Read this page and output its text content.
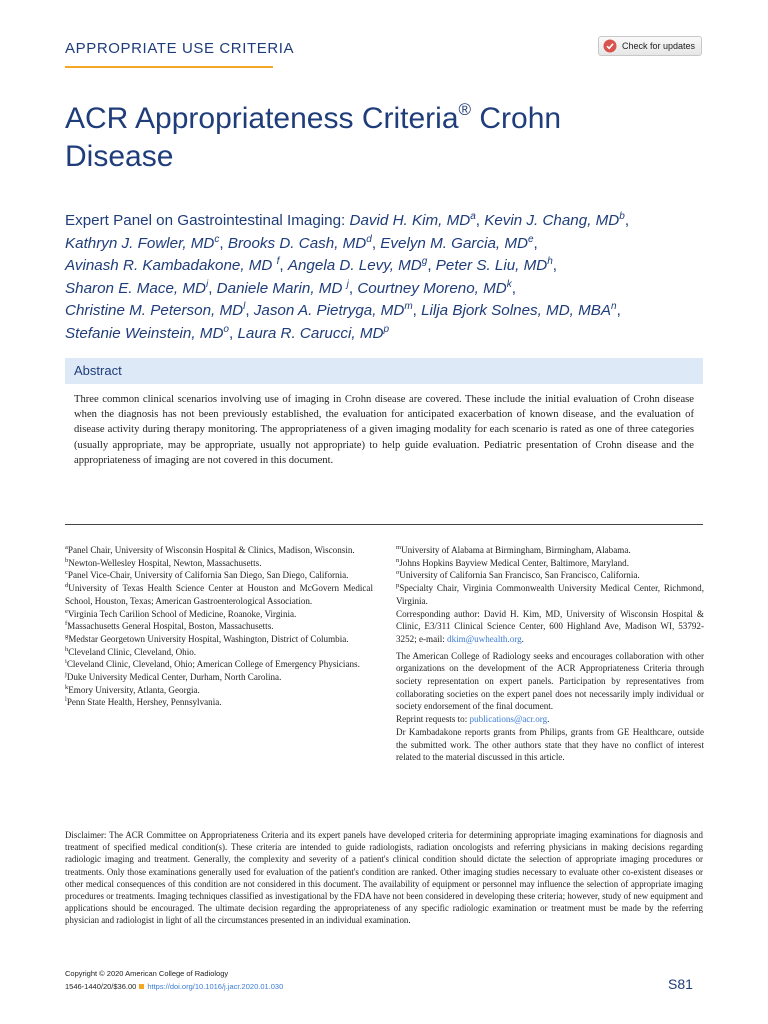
APPROPRIATE USE CRITERIA	Check for updates
ACR Appropriateness Criteria® Crohn
Disease
Expert Panel on Gastrointestinal Imaging: David H. Kim, $MD^a$, Kevin J. Chang, $MD^b$,
Kathryn J. Fowler, $MD^c$, Brooks D. Cash, $MD^d$, Evelyn M. Garcia, MDe,
Avinash R. Kambadakone, MD $^f$, Angela D. Levy, $MD^g$, Peter S. Liu, $MD^h$,
Sharon E. Mace, $MD^i$, Daniele Marin, MD $^j$, Courtney Moreno, $MD^k$,
Christine M. Peterson, $MD^l$, Jason A. Pietryga, $MD^m$, Lilja Bjork Solnes, MD, MBA$^n$,
Stefanie Weinstein, $MD^o$, Laura R. Carucci, $MD^p$
Abstract

Three common clinical scenarios involving use of imaging in Crohn disease are covered. These include the initial evaluation of Crohn disease when the diagnosis has not been previously established, the evaluation for anticipated exacerbation of known disease, and the evaluation of disease activity during therapy monitoring. The appropriateness of a given imaging modality for each scenario is rated as one of three categories (usually appropriate, may be appropriate, usually not appropriate) to help guide evaluation. Pediatric presentation of Crohn disease and the appropriateness of imaging are not covered in this document.

$^a$Panel Chair, University of Wisconsin Hospital & Clinics, Madison, Wisconsin.

$^b$Newton-Wellesley Hospital, Newton, Massachusetts.

$^c$Panel Vice-Chair, University of California San Diego, San Diego, California.

$^d$University of Texas Health Science Center at Houston and McGovern Medical School, Houston, Texas; American Gastroenterological Association.

$^e$Virginia Tech Carilion School of Medicine, Roanoke, Virginia.

$^f$Massachusetts General Hospital, Boston, Massachusetts.

$^g$Medstar Georgetown University Hospital, Washington, District of Columbia.

$^h$Cleveland Clinic, Cleveland, Ohio.

$^i$Cleveland Clinic, Cleveland, Ohio; American College of Emergency Physicians.

$^j$Duke University Medical Center, Durham, North Carolina.

$^k$Emory University, Atlanta, Georgia.

$^l$Penn State Health, Hershey, Pennsylvania.

$^m$University of Alabama at Birmingham, Birmingham, Alabama.

$^n$Johns Hopkins Bayview Medical Center, Baltimore, Maryland.

$^o$University of California San Francisco, San Francisco, California.

$^p$Specialty Chair, Virginia Commonwealth University Medical Center, Richmond, Virginia.

Corresponding author: David H. Kim, MD, University of Wisconsin Hospital & Clinic, E3/311 Clinical Science Center, 600 Highland Ave, Madison WI, 53792-3252; e-mail: dkim@uwhealth.org.

The American College of Radiology seeks and encourages collaboration with other organizations on the development of the ACR Appropriateness Criteria through society representation on expert panels. Participation by representatives from collaborating societies on the expert panel does not necessarily imply individual or society endorsement of the final document.

Reprint requests to: publications@acr.org.

Dr Kambadakone reports grants from Philips, grants from GE Healthcare, outside the submitted work. The other authors state that they have no conflict of interest related to the material discussed in this article.

Disclaimer: The ACR Committee on Appropriateness Criteria and its expert panels have developed criteria for determining appropriate imaging examinations for diagnosis and treatment of specified medical condition(s). These criteria are intended to guide radiologists, radiation oncologists and referring physicians in making decisions regarding radiologic imaging and treatment. Generally, the complexity and severity of a patient's clinical condition should dictate the selection of appropriate imaging procedures or treatments. Only those examinations generally used for evaluation of the patient's condition are ranked. Other imaging studies necessary to evaluate other co-existent diseases or other medical consequences of this condition are not considered in this document. The availability of equipment or personnel may influence the selection of appropriate imaging procedures or treatments. Imaging techniques classified as investigational by the FDA have not been considered in developing these criteria; however, study of new equipment and applications should be encouraged. The ultimate decision regarding the appropriateness of any specific radiologic examination or treatment must be made by the referring physician and radiologist in light of all the circumstances presented in an individual examination.

Copyright © 2020 American College of Radiology
1546-1440/20/$36.00 https://doi.org/10.1016/j.jacr.2020.01.030	S81
